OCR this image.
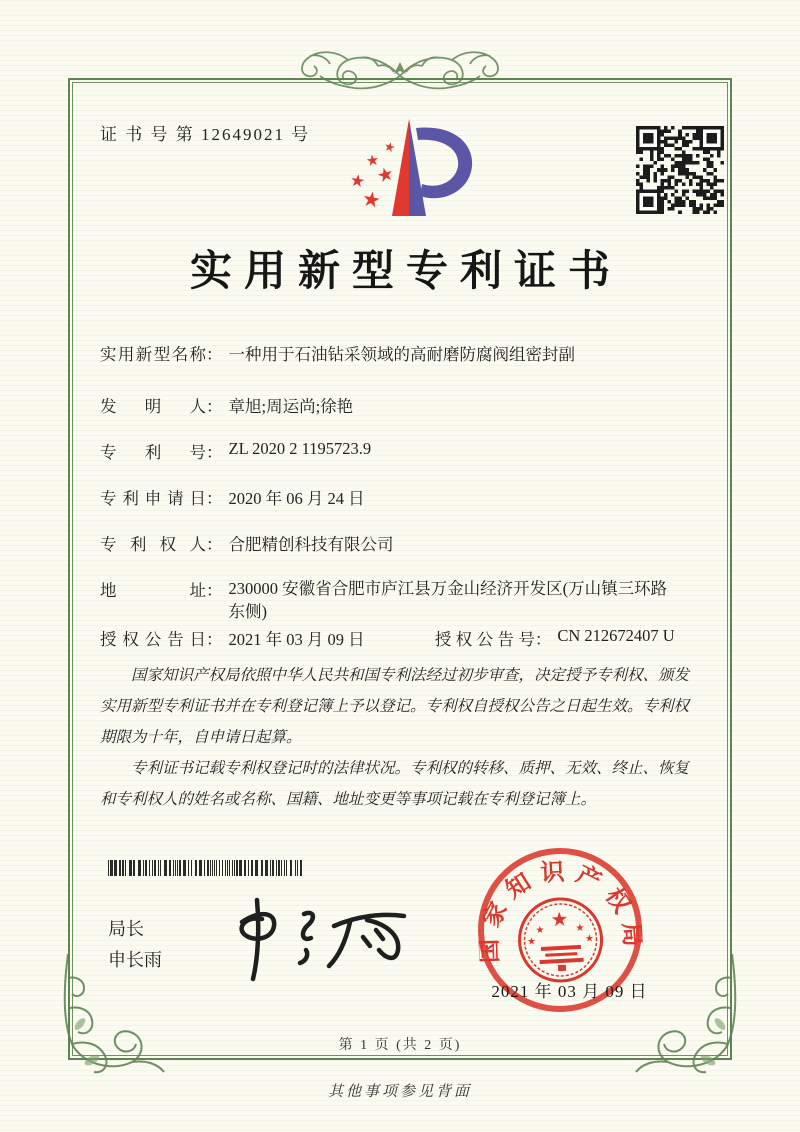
证 书 号 第 12649021 号
★
★
★
★
★
实用新型专利证书
实用新型名称： 一种用于石油钻采领域的高耐磨防腐阀组密封副
发明人： 章旭;周运尚;徐艳
专利号： ZL 2020 2 1195723.9
专利申请日： 2020 年 06 月 24 日
专利权人： 合肥精创科技有限公司
地址： 230000 安徽省合肥市庐江县万金山经济开发区(万山镇三环路东侧)
授权公告日： 2021 年 03 月 09 日	授权公告号： CN 212672407 U

国家知识产权局依照中华人民共和国专利法经过初步审查，决定授予专利权、颁发实用新型专利证书并在专利登记簿上予以登记。专利权自授权公告之日起生效。专利权期限为十年，自申请日起算。

专利证书记载专利权登记时的法律状况。专利权的转移、质押、无效、终止、恢复和专利权人的姓名或名称、国籍、地址变更等事项记载在专利登记簿上。

局长
申长雨	国家知识产权局
★
★
★
★
★
2021 年 03 月 09 日
第 1 页 (共 2 页)
其他事项参见背面
